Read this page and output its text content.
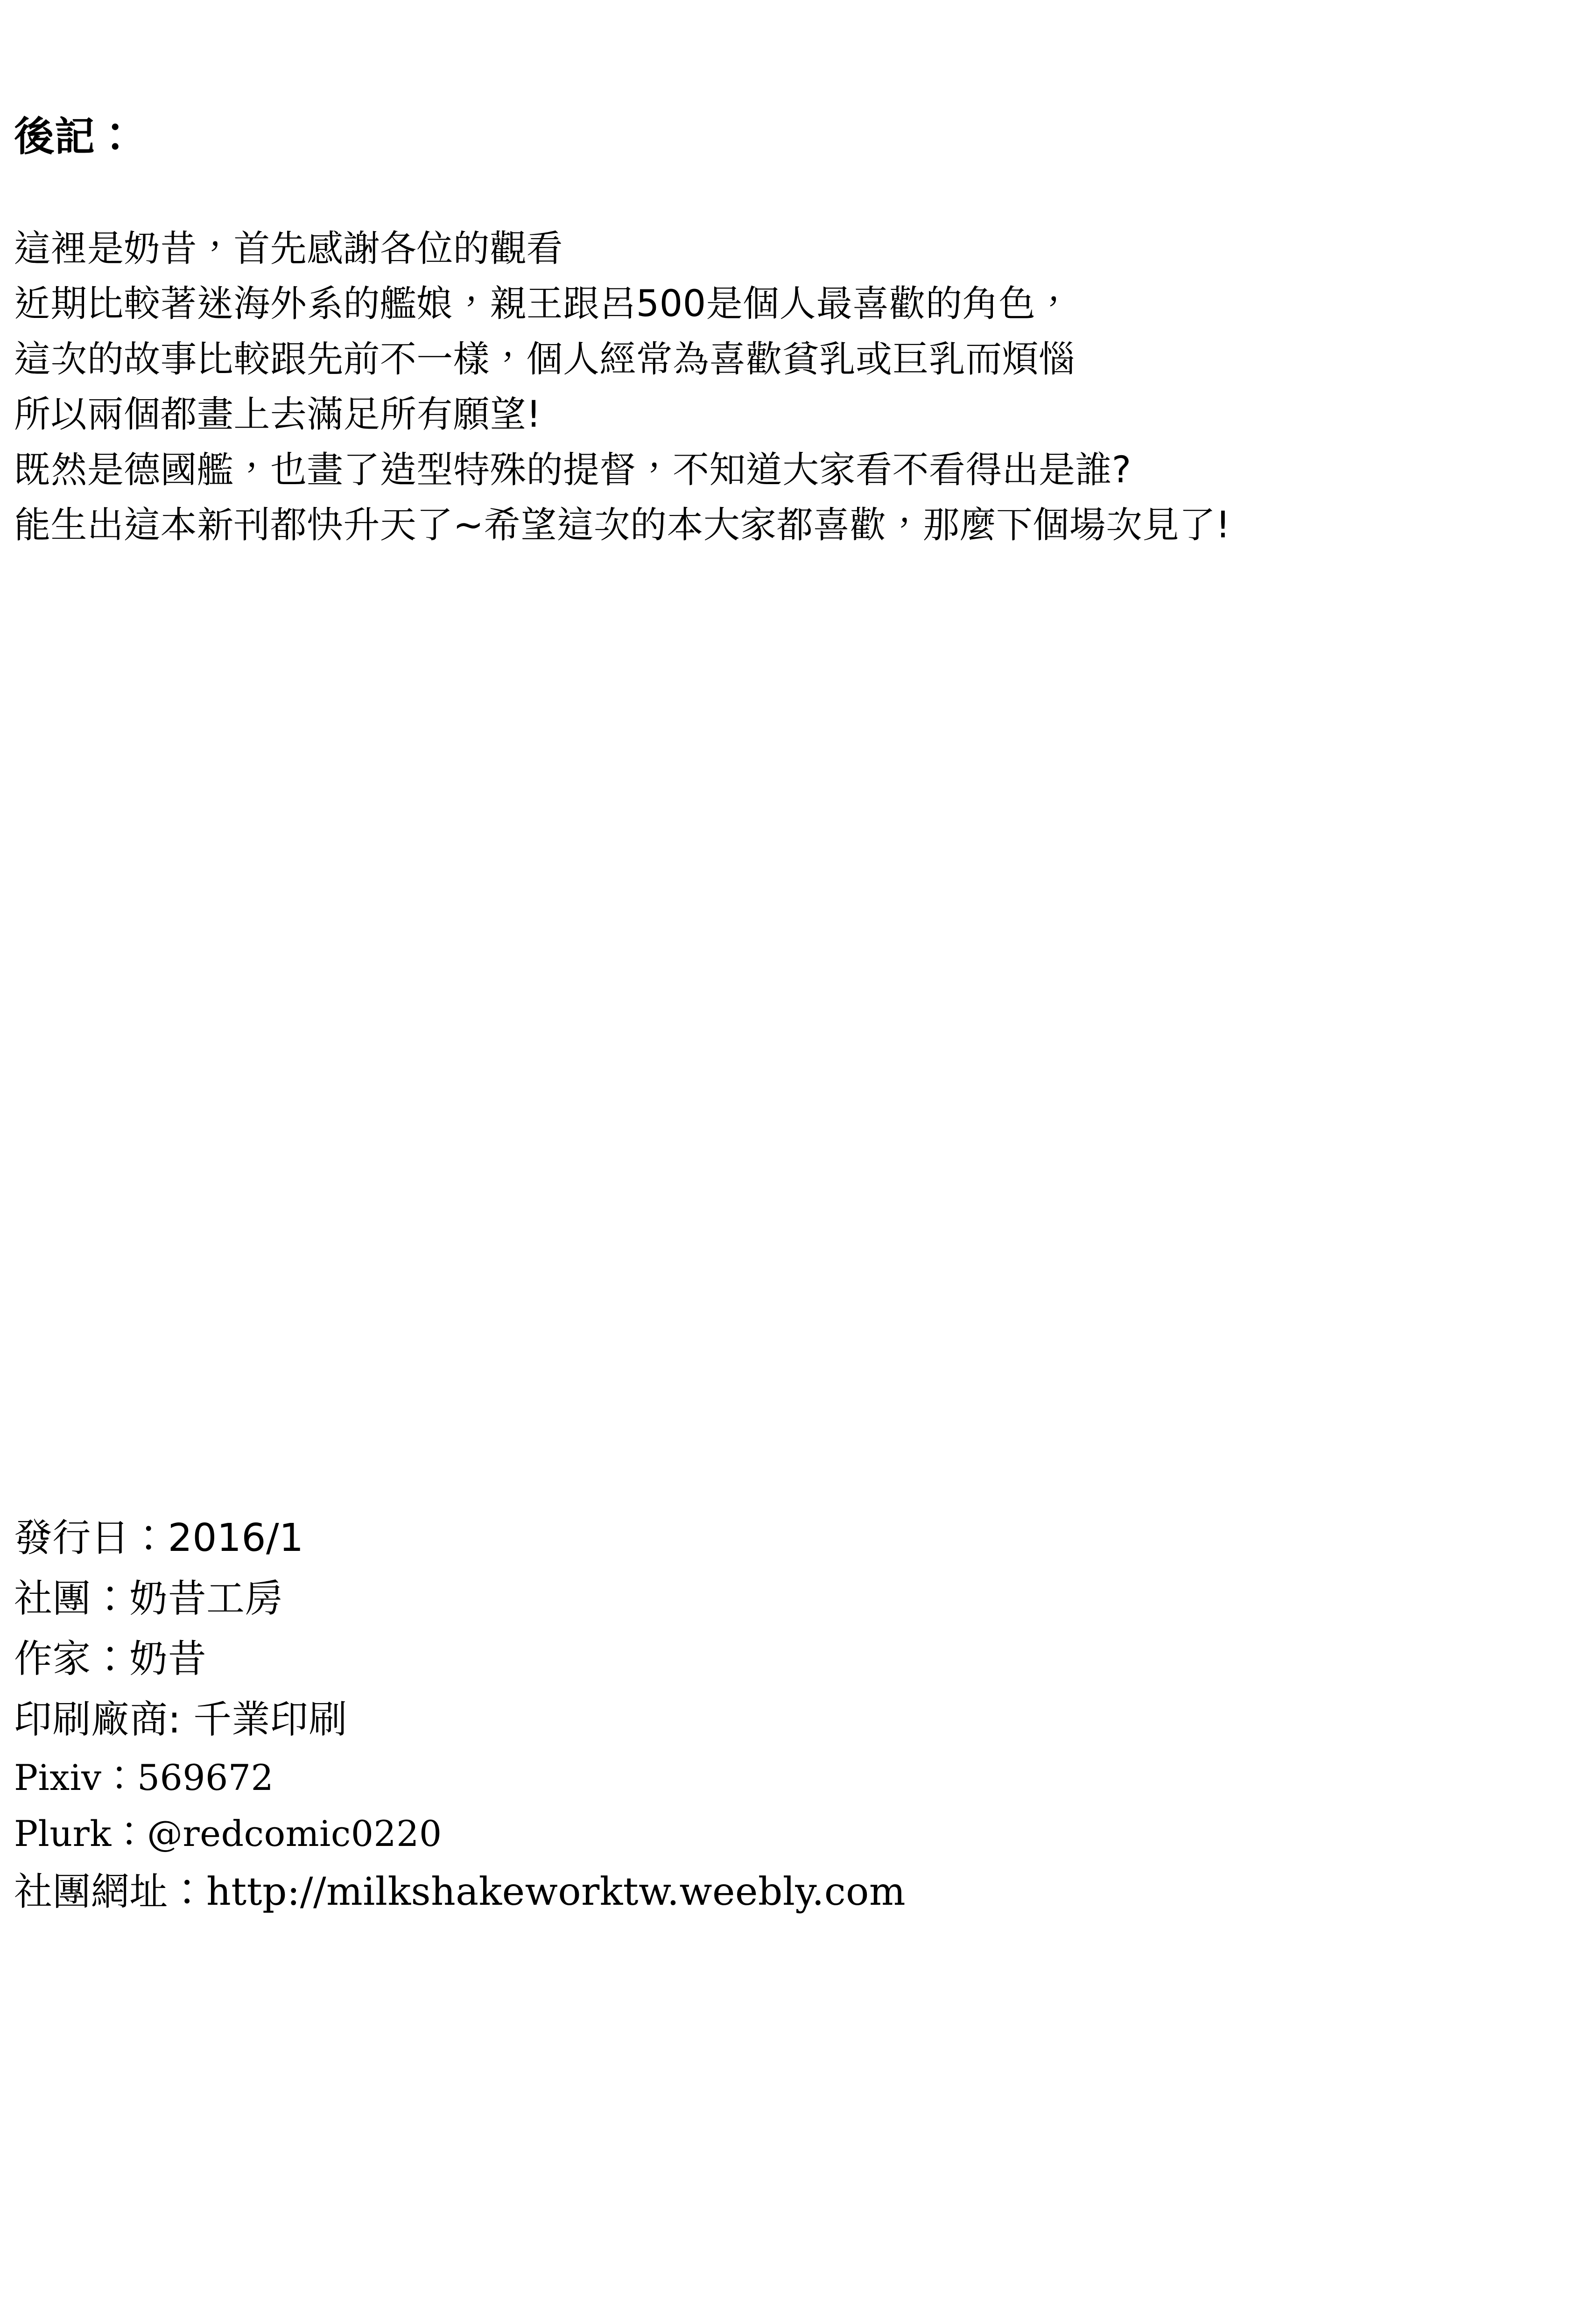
後記：

這裡是奶昔，首先感謝各位的觀看

近期比較著迷海外系的艦娘，親王跟呂500是個人最喜歡的角色，

這次的故事比較跟先前不一樣，個人經常為喜歡貧乳或巨乳而煩惱

所以兩個都畫上去滿足所有願望!

既然是德國艦，也畫了造型特殊的提督，不知道大家看不看得出是誰?

能生出這本新刊都快升天了~希望這次的本大家都喜歡，那麼下個場次見了!

發行日：2016/1

社團：奶昔工房

作家：奶昔

印刷廠商: 千業印刷

Pixiv：569672

Plurk：@redcomic0220

社團網址：http://milkshakeworktw.weebly.com
